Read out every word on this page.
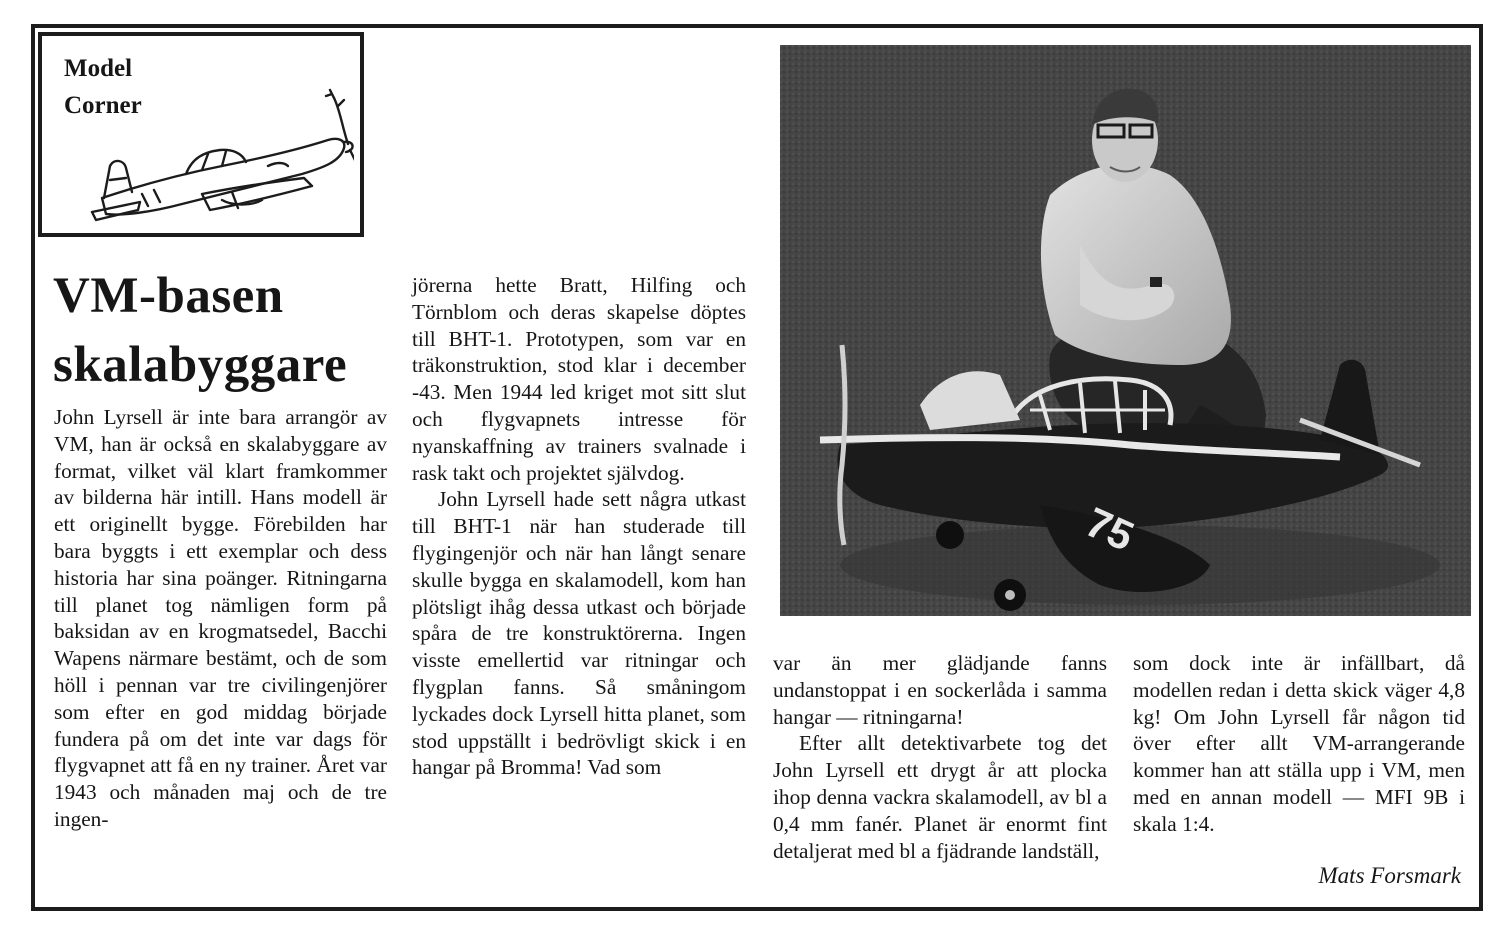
Model
Corner
VM-basen
skalabyggare

John Lyrsell är inte bara arrangör av VM, han är också en skalabyggare av format, vilket väl klart framkommer av bilderna här intill. Hans modell är ett originellt bygge. Förebilden har bara byggts i ett exemplar och dess historia har sina poänger. Ritningarna till planet tog nämligen form på baksidan av en krogmatsedel, Bacchi Wapens närmare bestämt, och de som höll i pennan var tre civilingenjörer som efter en god middag började fundera på om det inte var dags för flygvapnet att få en ny trainer. Året var 1943 och månaden maj och de tre ingen-

jörerna hette Bratt, Hilfing och Törnblom och deras skapelse döptes till BHT-1. Prototypen, som var en träkonstruktion, stod klar i december -43. Men 1944 led kriget mot sitt slut och flygvapnets intresse för nyanskaffning av trainers svalnade i rask takt och projektet självdog.

John Lyrsell hade sett några utkast till BHT-1 när han studerade till flygingenjör och när han långt senare skulle bygga en skalamodell, kom han plötsligt ihåg dessa utkast och började spåra de tre konstruktörerna. Ingen visste emellertid var ritningar och flygplan fanns. Så småningom lyckades dock Lyrsell hitta planet, som stod uppställt i bedrövligt skick i en hangar på Bromma! Vad som

75

var än mer glädjande fanns undanstoppat i en sockerlåda i samma hangar — ritningarna!

Efter allt detektivarbete tog det John Lyrsell ett drygt år att plocka ihop denna vackra skalamodell, av bl a 0,4 mm fanér. Planet är enormt fint detaljerat med bl a fjädrande landställ,

som dock inte är infällbart, då modellen redan i detta skick väger 4,8 kg! Om John Lyrsell får någon tid över efter allt VM-arrangerande kommer han att ställa upp i VM, men med en annan modell — MFI 9B i skala 1:4.

Mats Forsmark
